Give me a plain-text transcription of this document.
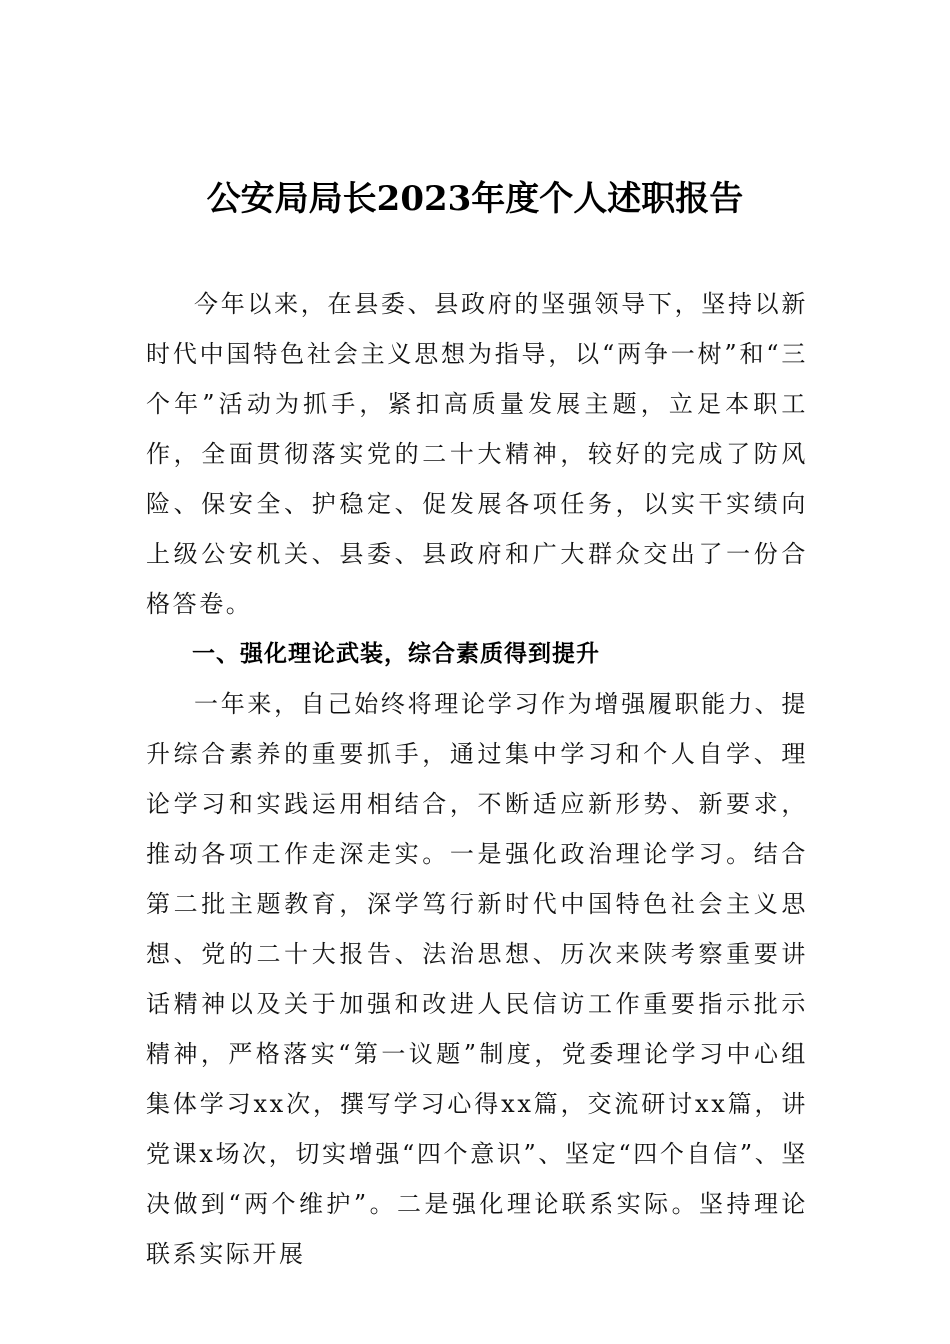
公安局局长2023年度个人述职报告

今年以来，在县委、县政府的坚强领导下，坚持以新时代中国特色社会主义思想为指导，以“两争一树”和“三个年”活动为抓手，紧扣高质量发展主题，立足本职工作，全面贯彻落实党的二十大精神，较好的完成了防风险、保安全、护稳定、促发展各项任务，以实干实绩向上级公安机关、县委、县政府和广大群众交出了一份合格答卷。

一、强化理论武装，综合素质得到提升

一年来，自己始终将理论学习作为增强履职能力、提升综合素养的重要抓手，通过集中学习和个人自学、理论学习和实践运用相结合，不断适应新形势、新要求，推动各项工作走深走实。一是强化政治理论学习。结合第二批主题教育，深学笃行新时代中国特色社会主义思想、党的二十大报告、法治思想、历次来陕考察重要讲话精神以及关于加强和改进人民信访工作重要指示批示精神，严格落实“第一议题”制度，党委理论学习中心组集体学习xx次，撰写学习心得xx篇，交流研讨xx篇，讲党课x场次，切实增强“四个意识”、坚定“四个自信”、坚决做到“两个维护”。二是强化理论联系实际。坚持理论联系实际开展
